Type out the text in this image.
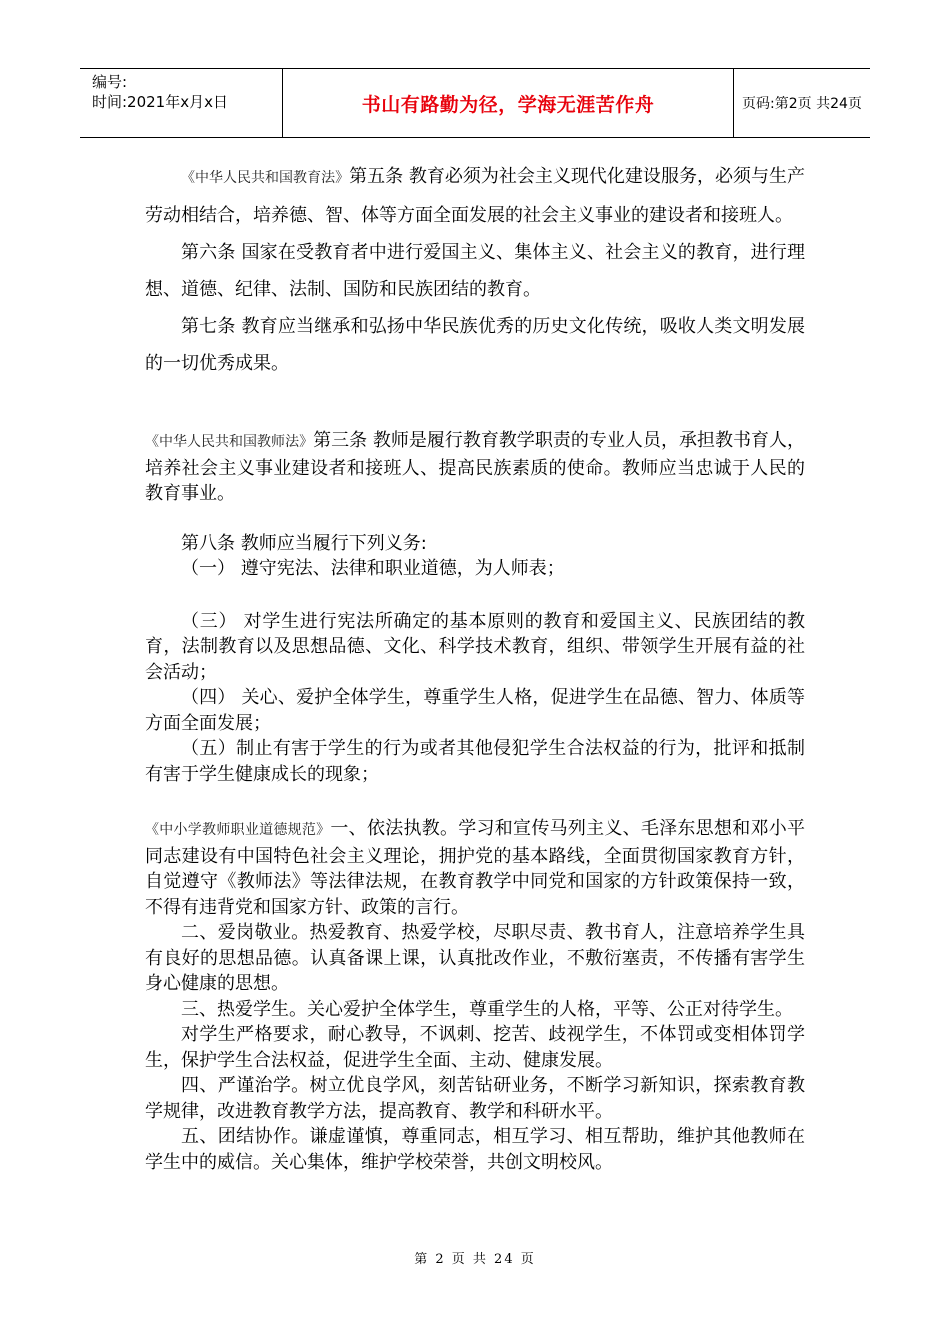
编号:
时间:2021年x月x日	书山有路勤为径，学海无涯苦作舟	页码:第2页 共24页

《中华人民共和国教育法》第五条 教育必须为社会主义现代化建设服务，必须与生产劳动相结合，培养德、智、体等方面全面发展的社会主义事业的建设者和接班人。

第六条 国家在受教育者中进行爱国主义、集体主义、社会主义的教育，进行理想、道德、纪律、法制、国防和民族团结的教育。

第七条 教育应当继承和弘扬中华民族优秀的历史文化传统，吸收人类文明发展的一切优秀成果。

《中华人民共和国教师法》第三条 教师是履行教育教学职责的专业人员，承担教书育人，培养社会主义事业建设者和接班人、提高民族素质的使命。教师应当忠诚于人民的教育事业。

第八条 教师应当履行下列义务:

（一） 遵守宪法、法律和职业道德，为人师表；

（三） 对学生进行宪法所确定的基本原则的教育和爱国主义、民族团结的教育，法制教育以及思想品德、文化、科学技术教育，组织、带领学生开展有益的社会活动；

（四） 关心、爱护全体学生，尊重学生人格，促进学生在品德、智力、体质等方面全面发展；

（五）制止有害于学生的行为或者其他侵犯学生合法权益的行为，批评和抵制有害于学生健康成长的现象；

《中小学教师职业道德规范》一、依法执教。学习和宣传马列主义、毛泽东思想和邓小平同志建设有中国特色社会主义理论，拥护党的基本路线，全面贯彻国家教育方针，自觉遵守《教师法》等法律法规，在教育教学中同党和国家的方针政策保持一致，不得有违背党和国家方针、政策的言行。

二、爱岗敬业。热爱教育、热爱学校，尽职尽责、教书育人，注意培养学生具有良好的思想品德。认真备课上课，认真批改作业，不敷衍塞责，不传播有害学生身心健康的思想。

三、热爱学生。关心爱护全体学生，尊重学生的人格，平等、公正对待学生。

对学生严格要求，耐心教导，不讽刺、挖苦、歧视学生，不体罚或变相体罚学生，保护学生合法权益，促进学生全面、主动、健康发展。

四、严谨治学。树立优良学风，刻苦钻研业务，不断学习新知识，探索教育教学规律，改进教育教学方法，提高教育、教学和科研水平。

五、团结协作。谦虚谨慎，尊重同志，相互学习、相互帮助，维护其他教师在学生中的威信。关心集体，维护学校荣誉，共创文明校风。

第 2 页 共 24 页
